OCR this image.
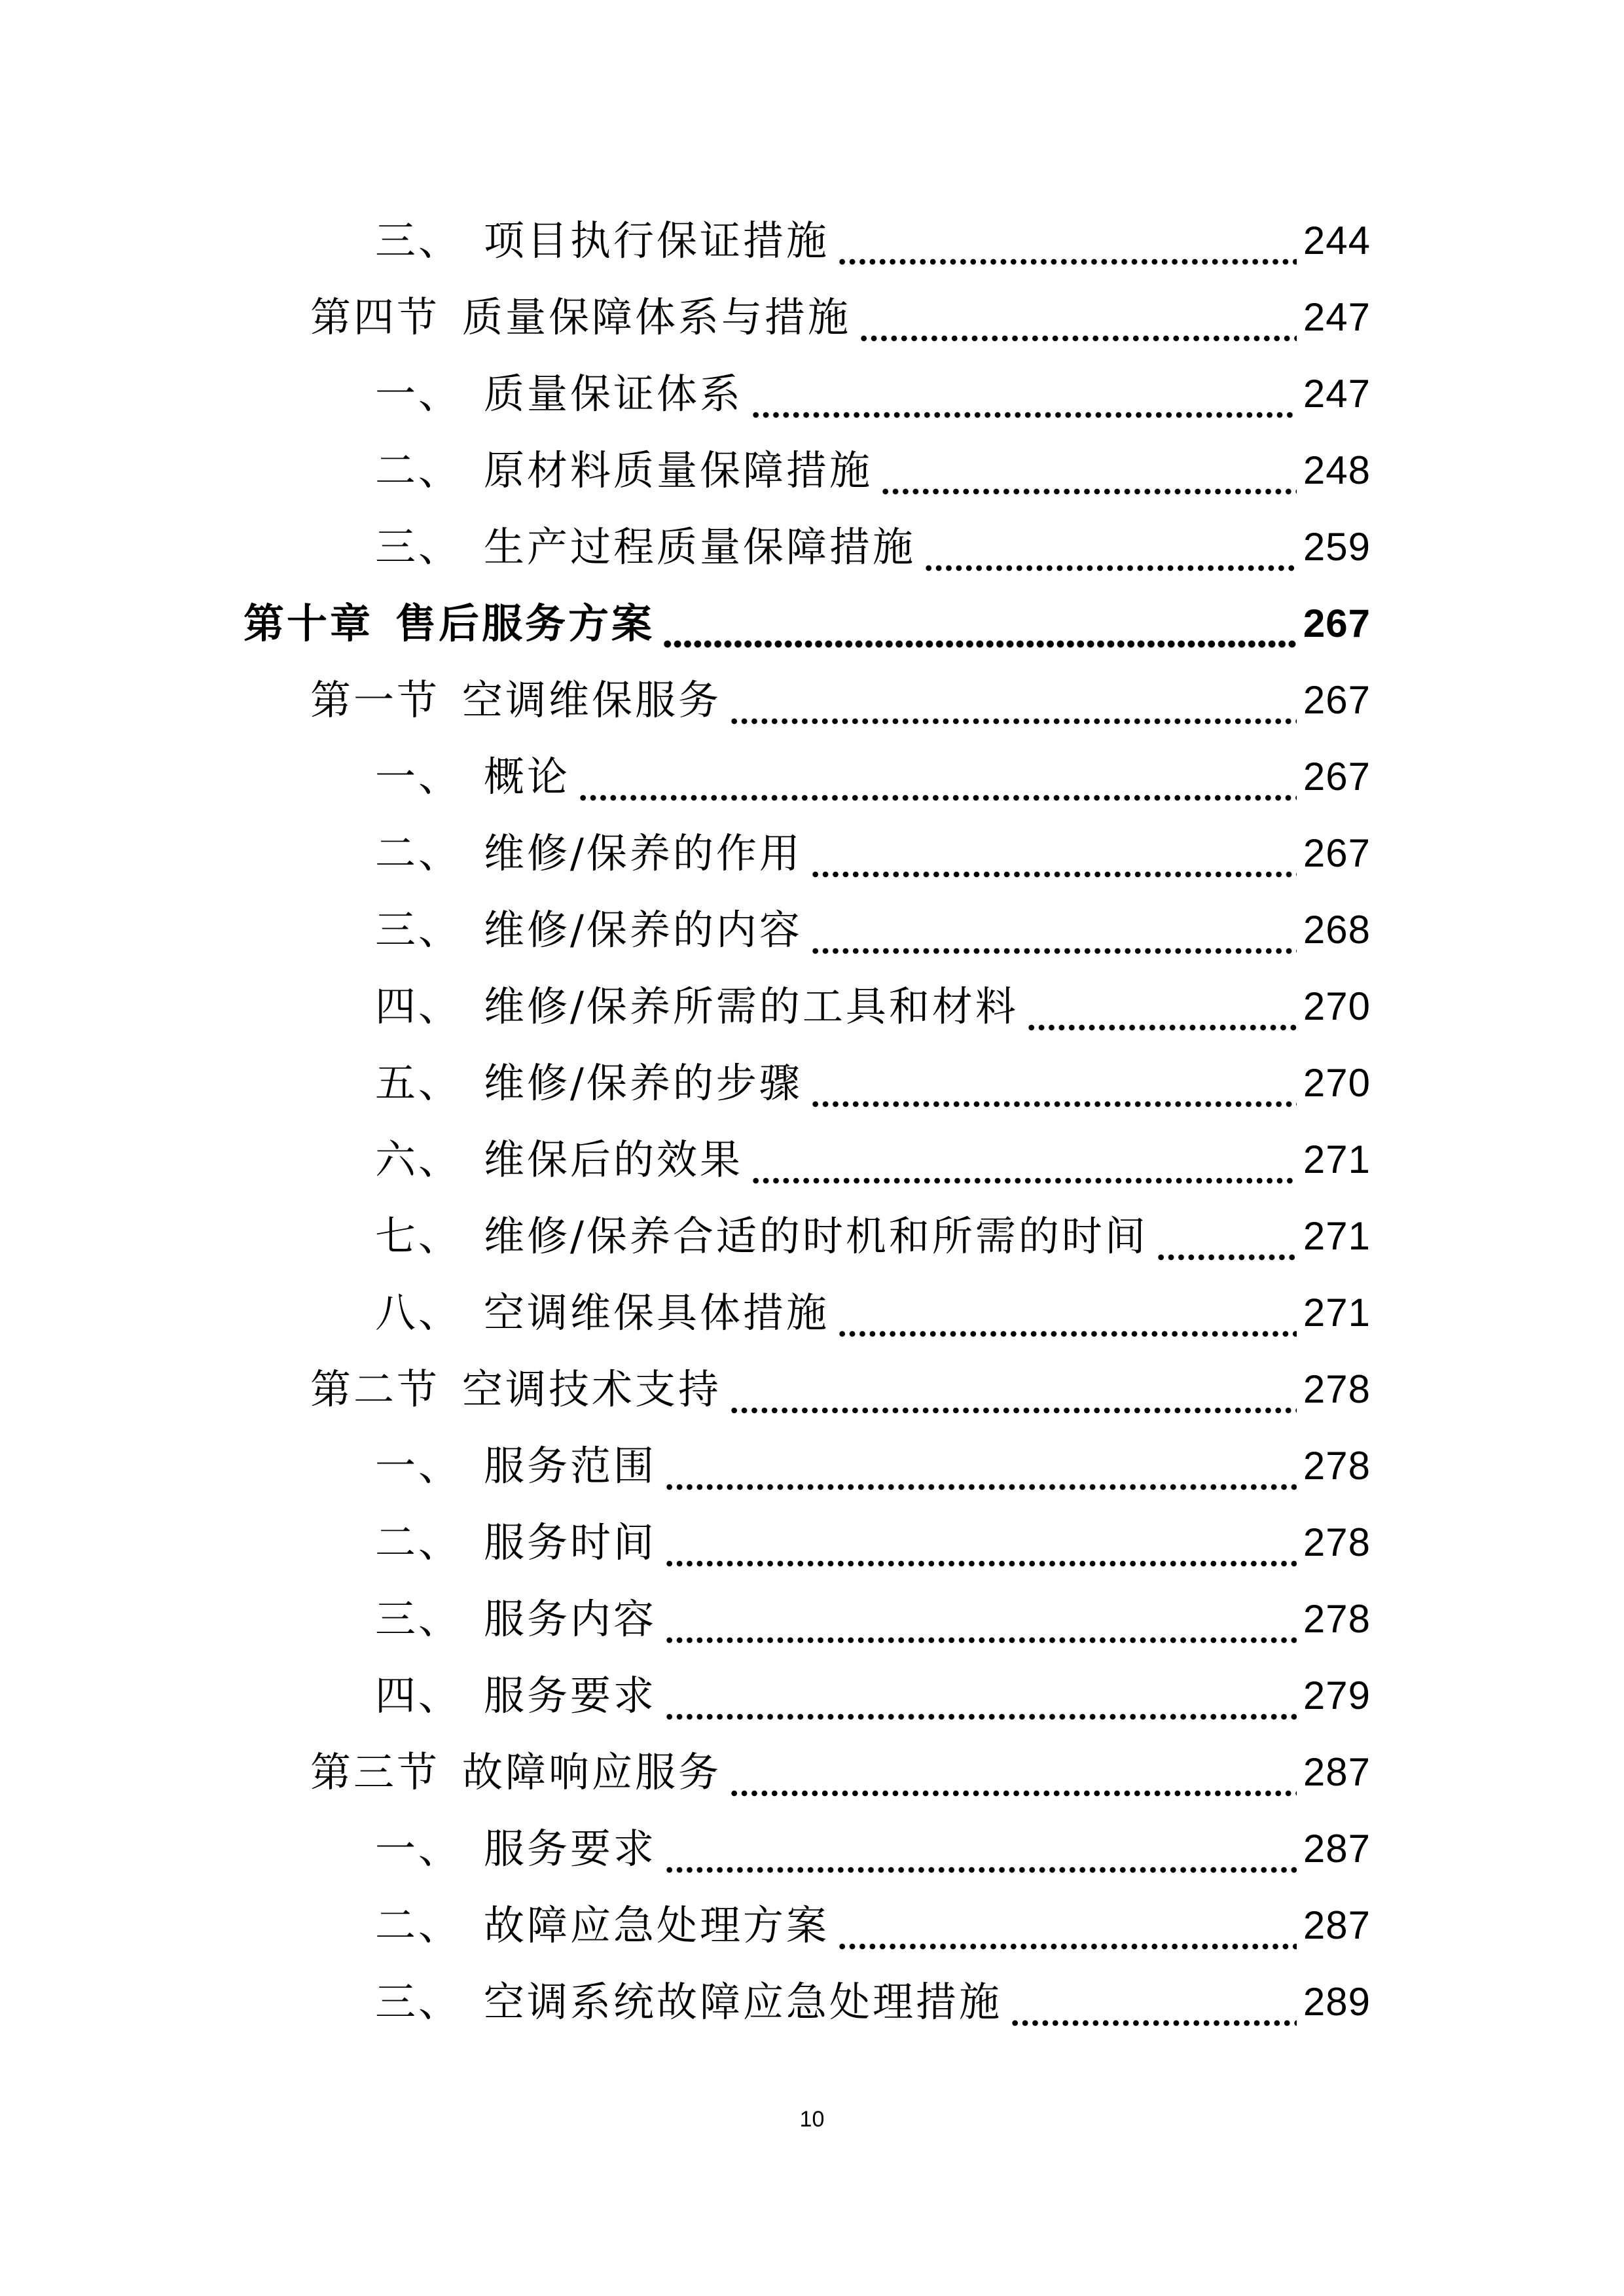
三、 项目执行保证措施	244
第四节 质量保障体系与措施	247
一、 质量保证体系	247
二、 原材料质量保障措施	248
三、 生产过程质量保障措施	259
第十章 售后服务方案	267
第一节 空调维保服务	267
一、 概论	267
二、 维修/保养的作用	267
三、 维修/保养的内容	268
四、 维修/保养所需的工具和材料	270
五、 维修/保养的步骤	270
六、 维保后的效果	271
七、 维修/保养合适的时机和所需的时间	271
八、 空调维保具体措施	271
第二节 空调技术支持	278
一、 服务范围	278
二、 服务时间	278
三、 服务内容	278
四、 服务要求	279
第三节 故障响应服务	287
一、 服务要求	287
二、 故障应急处理方案	287
三、 空调系统故障应急处理措施	289
10
